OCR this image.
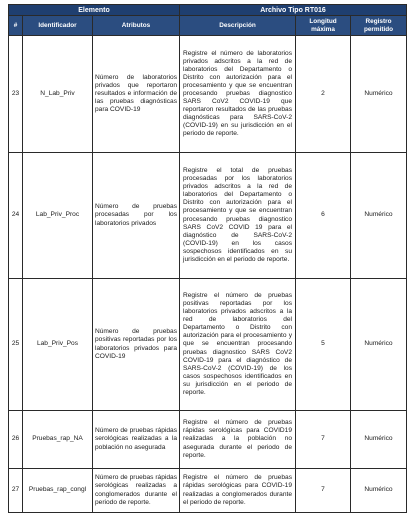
Elemento			Archivo Tipo RT016		
#	Identificador	Atributos	Descripción	Longitud máxima	Registro permitido
23	N_Lab_Priv	Número de laboratorios privados que reportaron resultados e información de las pruebas diagnósticas para COVID-19	Registre el número de laboratorios privados adscritos a la red de laboratorios del Departamento o Distrito con autorización para el procesamiento y que se encuentran procesando pruebas diagnostico SARS CoV2 COVID-19 que reportaron resultados de las pruebas diagnósticas para SARS-CoV-2 (COVID-19) en su jurisdicción en el periodo de reporte.	2	Numérico
24	Lab_Priv_Proc	Número de pruebas procesadas por los laboratorios privados	Registre el total de pruebas procesadas por los laboratorios privados adscritos a la red de laboratorios del Departamento o Distrito con autorización para el procesamiento y que se encuentran procesando pruebas diagnostico SARS CoV2 COVID 19 para el diagnóstico de SARS-CoV-2 (COVID-19) en los casos sospechosos identificados en su jurisdicción en el periodo de reporte.	6	Numérico
25	Lab_Priv_Pos	Número de pruebas positivas reportadas por los laboratorios privados para COVID-19	Registre el número de pruebas positivas reportadas por los laboratorios privados adscritos a la red de laboratorios del Departamento o Distrito con autorización para el procesamiento y que se encuentran procesando pruebas diagnostico SARS CoV2 COVID-19 para el diagnóstico de SARS-CoV-2 (COVID-19) de los casos sospechosos identificados en su jurisdicción en el periodo de reporte.	5	Numérico
26	Pruebas_rap_NA	Número de pruebas rápidas serológicas realizadas a la población no asegurada	Registre el número de pruebas rápidas serológicas para COVID19 realizadas a la población no asegurada durante el periodo de reporte.	7	Numérico
27	Pruebas_rap_congl	Número de pruebas rápidas serológicas realizadas a conglomerados durante el periodo de reporte.	Registre el número de pruebas rápidas serológicas para COVID-19 realizadas a conglomerados durante el periodo de reporte.	7	Numérico
